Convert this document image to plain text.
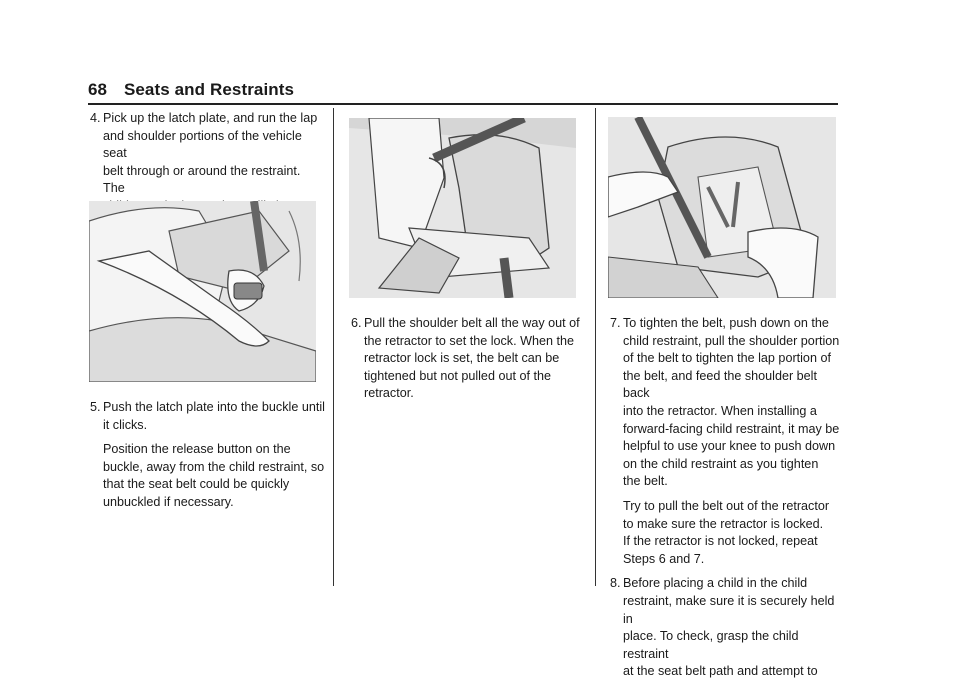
68 Seats and Restraints
4. Pick up the latch plate, and run the lap
and shoulder portions of the vehicle seat
belt through or around the restraint. The
5. Push the latch plate into the buckle until
it clicks.
Position the release button on the
buckle, away from the child restraint, so
that the seat belt could be quickly
unbuckled if necessary.
6. Pull the shoulder belt all the way out of
the retractor to set the lock. When the
retractor lock is set, the belt can be
tightened but not pulled out of the
retractor.
7. To tighten the belt, push down on the
child restraint, pull the shoulder portion
of the belt to tighten the lap portion of
the belt, and feed the shoulder belt back
into the retractor. When installing a
forward-facing child restraint, it may be
helpful to use your knee to push down
on the child restraint as you tighten
the belt.
Try to pull the belt out of the retractor
to make sure the retractor is locked.
If the retractor is not locked, repeat
Steps 6 and 7.
8. Before placing a child in the child
restraint, make sure it is securely held in
place. To check, grasp the child restraint
at the seat belt path and attempt to
